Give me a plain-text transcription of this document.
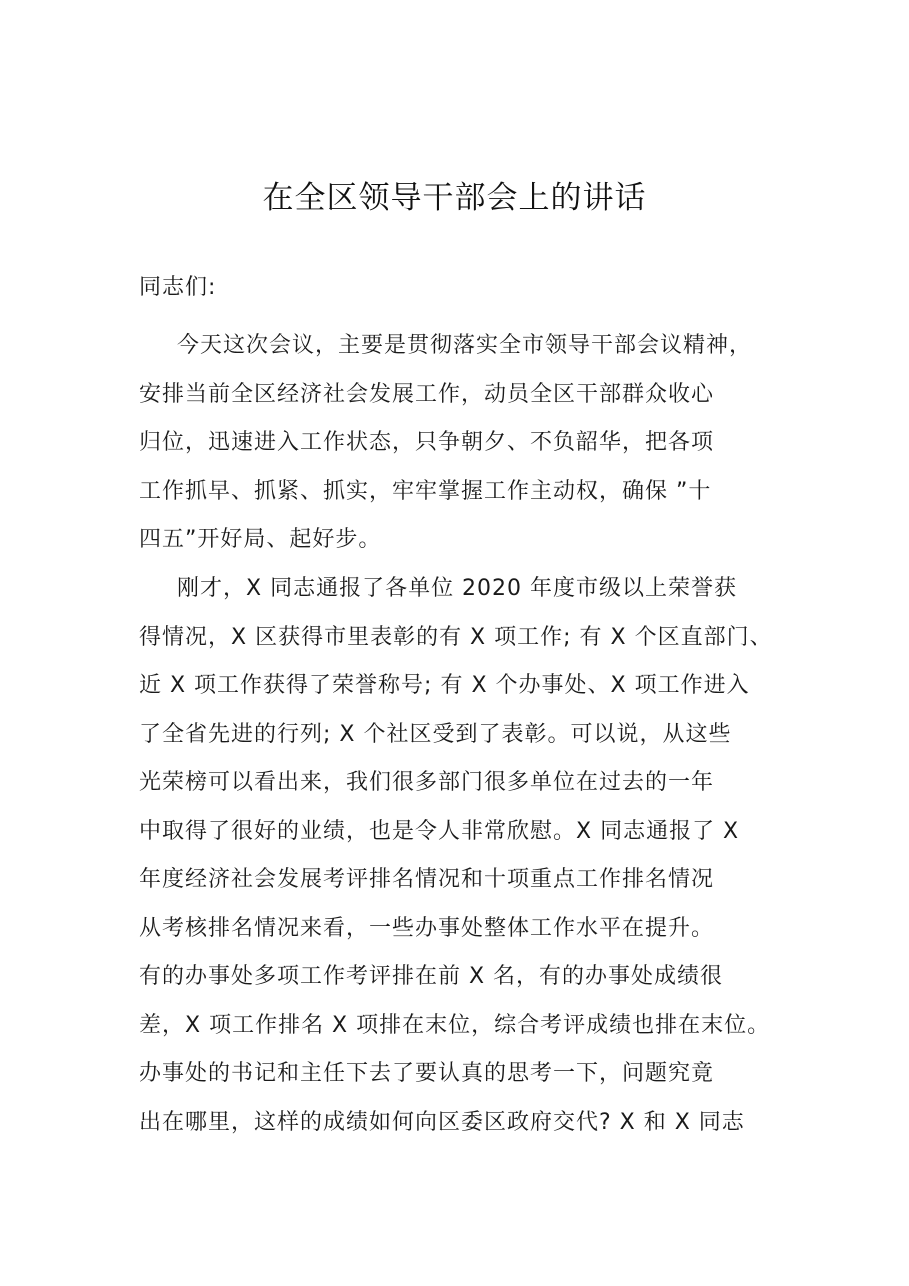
在全区领导干部会上的讲话
同志们:
今天这次会议，主要是贯彻落实全市领导干部会议精神，
安排当前全区经济社会发展工作，动员全区干部群众收心
归位，迅速进入工作状态，只争朝夕、不负韶华，把各项
工作抓早、抓紧、抓实，牢牢掌握工作主动权，确保 ”十
四五”开好局、起好步。
刚才，X 同志通报了各单位 2020 年度市级以上荣誉获
得情况，X 区获得市里表彰的有 X 项工作; 有 X 个区直部门、
近 X 项工作获得了荣誉称号; 有 X 个办事处、X 项工作进入
了全省先进的行列; X 个社区受到了表彰。可以说，从这些
光荣榜可以看出来，我们很多部门很多单位在过去的一年
中取得了很好的业绩，也是令人非常欣慰。X 同志通报了 X
年度经济社会发展考评排名情况和十项重点工作排名情况
从考核排名情况来看，一些办事处整体工作水平在提升。
有的办事处多项工作考评排在前 X 名，有的办事处成绩很
差，X 项工作排名 X 项排在末位，综合考评成绩也排在末位。
办事处的书记和主任下去了要认真的思考一下，问题究竟
出在哪里，这样的成绩如何向区委区政府交代? X 和 X 同志
